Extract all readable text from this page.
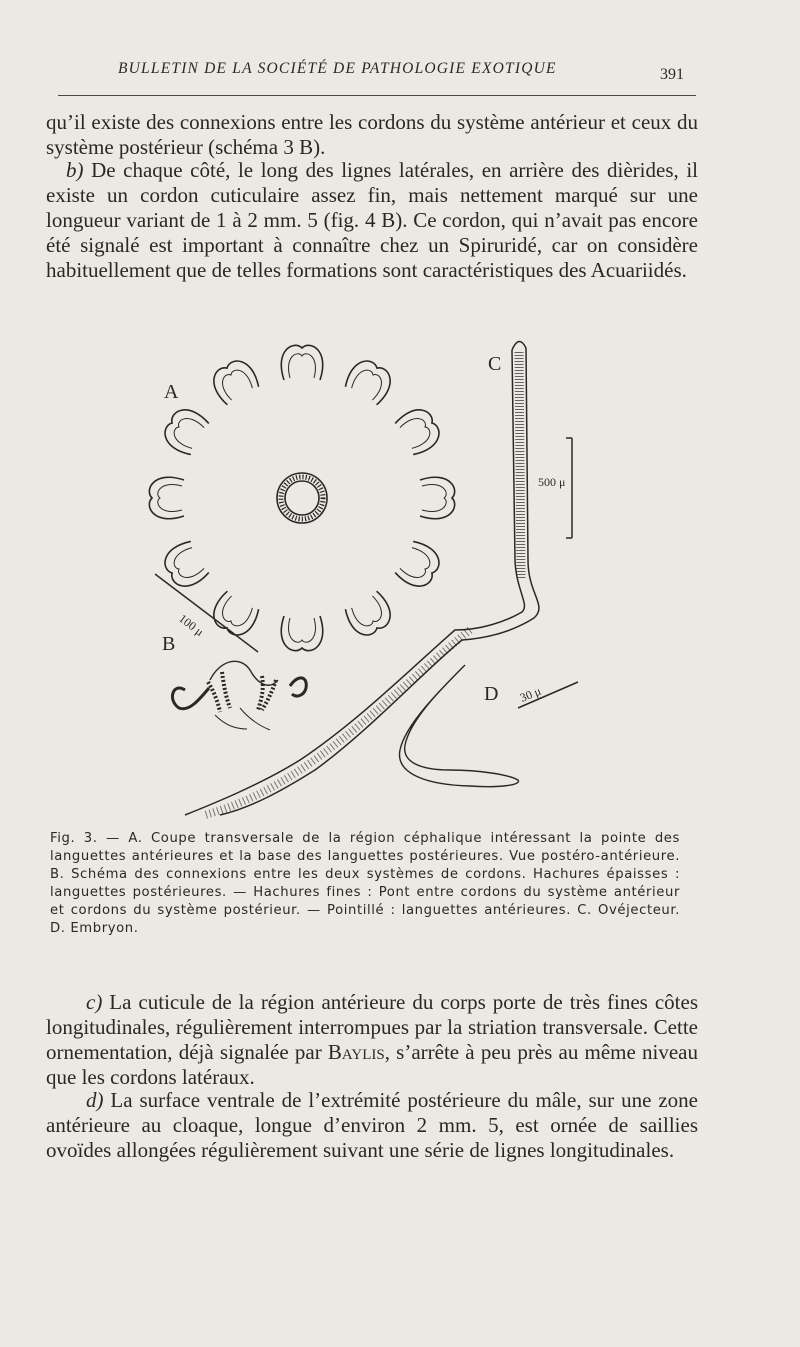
BULLETIN DE LA SOCIÉTÉ DE PATHOLOGIE EXOTIQUE	391
qu’il existe des connexions entre les cordons du système antérieur et ceux du système postérieur (schéma 3 B).
b) De chaque côté, le long des lignes latérales, en arrière des dièrides, il existe un cordon cuticulaire assez fin, mais nettement marqué sur une longueur variant de 1 à 2 mm. 5 (fig. 4 B). Ce cordon, qui n’avait pas encore été signalé est important à connaître chez un Spiruridé, car on considère habituellement que de telles formations sont caractéristiques des Acuariidés.
A
100 μ
B
C
500 μ
D 30 μ
Fig. 3. — A. Coupe transversale de la région céphalique intéressant la pointe des languettes antérieures et la base des languettes postérieures. Vue postéro-antérieure. B. Schéma des connexions entre les deux systèmes de cordons. Hachures épaisses : languettes postérieures. — Hachures fines : Pont entre cordons du système antérieur et cordons du système postérieur. — Pointillé : languettes antérieures. C. Ovéjecteur. D. Embryon.
c) La cuticule de la région antérieure du corps porte de très fines côtes longitudinales, régulièrement interrompues par la striation transversale. Cette ornementation, déjà signalée par Baylis, s’arrête à peu près au même niveau que les cordons latéraux.
d) La surface ventrale de l’extrémité postérieure du mâle, sur une zone antérieure au cloaque, longue d’environ 2 mm. 5, est ornée de saillies ovoïdes allongées régulièrement suivant une série de lignes longitudinales.
